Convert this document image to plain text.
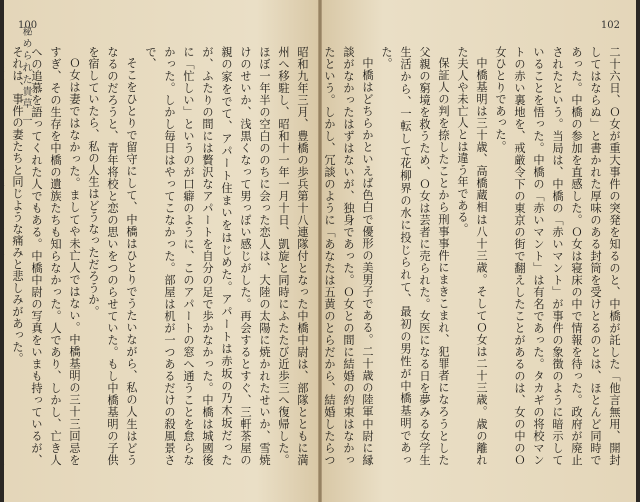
100
秘められた貴草 一	昭和九年三月、豊橋の歩兵第十八連隊付となった中橋中尉は、部隊とともに満州へ移駐し、昭和十一年一月十日、凱旋と同時にふたたび近歩三へ復帰した。ほぼ一年半の空白ののちに会った恋人は、大陸の太陽に焼かれたせいか、雪焼けのせいか、浅黒くなって男っぽい感じがした。再会するとすぐ、三軒茶屋の親の家をでて、アパート住まいをはじめた。アパートは赤坂の乃木坂だったが、ふたりの間には贅沢なアパートを自分の足で歩かなかった。中橋は城國後に「忙しい」というのが口癖のように、このアパートの窓へ通うことを怠らなかった。しかし毎日はやってこなかった。部屋は机が一つあるだけの殺風景さで、

そこをひとりで留守にして、中橋はひとりでうたいながら、私の人生はどうなるのだろうと、青年将校と恋の思いをつのらせていた。もし中橋基明の子供を宿していたら、私の人生はどうなっただろうか。

Ｏ女は妻ではなかった。ましてや未亡人ではない。中橋基明の三十三回忌をすぎ、その生存を中橋の遺族たちも知らなかった。人であり、しかし、亡き人への追慕を語ってくれた人でもある。中橋中尉の写真をいまも持っているが、それは、事件の妻たちと同じような痛みと悲しみがあった。

102

二十六日、Ｏ女が重大事件の突発を知るのと、中橋が託した「他言無用、開封してはならぬ」と書かれた厚味のある封筒を受けとるのとは、ほとんど同時であった。中橋の参加を直感した。Ｏ女は寝床の中で情報を待った。政府が廃止されたという。当局は、中橋の「赤いマント」が事件の象徴のように暗示していることを悟った。中橋の「赤いマント」は有名であった。タカギの将校マントの赤い裏地を、戒厳令下の東京の街で翻えしたことがあるのは、女の中のＯ女ひとりであった。

中橋基明は三十歳、高橋蔵相は八十三歳。そしてＯ女は二十三歳。歳の離れた夫人や未亡人とは違う年である。

保証人の判を捺したことから刑事事件にまきこまれ、犯罪者になろうとした父親の窮境を救うため、Ｏ女は芸者に売られた。女医になる日を夢みる女学生生活から、一転して花柳界の水に投じられて、最初の男性が中橋基明であった。

中橋はどちらかといえば色白で優形の美男子である。二十歳の陸軍中尉に縁談がなかったはずはないが、独身であった。Ｏ女との間に結婚の約束はなかったという。しかし、冗談のように「あなたは五黄のとらだから、結婚したらつ
